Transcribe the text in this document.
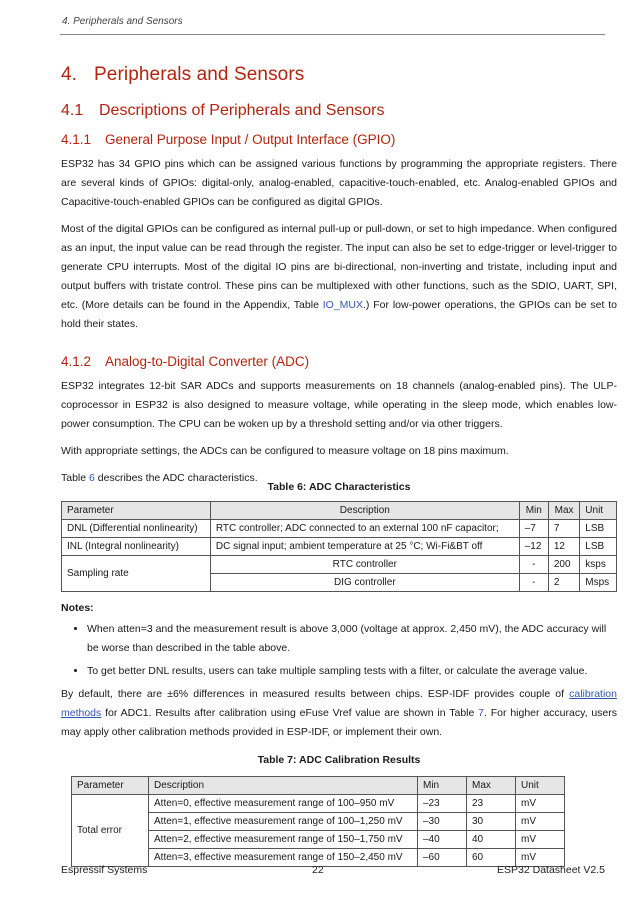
4. Peripherals and Sensors
4. Peripherals and Sensors
4.1 Descriptions of Peripherals and Sensors
4.1.1 General Purpose Input / Output Interface (GPIO)

ESP32 has 34 GPIO pins which can be assigned various functions by programming the appropriate registers. There are several kinds of GPIOs: digital-only, analog-enabled, capacitive-touch-enabled, etc. Analog-enabled GPIOs and Capacitive-touch-enabled GPIOs can be configured as digital GPIOs.

Most of the digital GPIOs can be configured as internal pull-up or pull-down, or set to high impedance. When configured as an input, the input value can be read through the register. The input can also be set to edge-trigger or level-trigger to generate CPU interrupts. Most of the digital IO pins are bi-directional, non-inverting and tristate, including input and output buffers with tristate control. These pins can be multiplexed with other functions, such as the SDIO, UART, SPI, etc. (More details can be found in the Appendix, Table IO_MUX.) For low-power operations, the GPIOs can be set to hold their states.

4.1.2 Analog-to-Digital Converter (ADC)

ESP32 integrates 12-bit SAR ADCs and supports measurements on 18 channels (analog-enabled pins). The ULP-coprocessor in ESP32 is also designed to measure voltage, while operating in the sleep mode, which enables low-power consumption. The CPU can be woken up by a threshold setting and/or via other triggers.

With appropriate settings, the ADCs can be configured to measure voltage on 18 pins maximum.

Table 6 describes the ADC characteristics.

Table 6: ADC Characteristics
Parameter	Description	Min	Max	Unit
DNL (Differential nonlinearity)	RTC controller; ADC connected to an external 100 nF capacitor;	–7	7	LSB
INL (Integral nonlinearity)	DC signal input; ambient temperature at 25 °C; Wi-Fi&BT off	–12	12	LSB
Sampling rate	RTC controller	-	200	ksps
	DIG controller	-	2	Msps
Notes:
• When atten=3 and the measurement result is above 3,000 (voltage at approx. 2,450 mV), the ADC accuracy will be worse than described in the table above.
• To get better DNL results, users can take multiple sampling tests with a filter, or calculate the average value.

By default, there are ±6% differences in measured results between chips. ESP-IDF provides couple of calibration methods for ADC1. Results after calibration using eFuse Vref value are shown in Table 7. For higher accuracy, users may apply other calibration methods provided in ESP-IDF, or implement their own.

Table 7: ADC Calibration Results
Parameter	Description	Min	Max	Unit
Total error	Atten=0, effective measurement range of 100–950 mV	–23	23	mV
	Atten=1, effective measurement range of 100–1,250 mV	–30	30	mV
	Atten=2, effective measurement range of 150–1,750 mV	–40	40	mV
	Atten=3, effective measurement range of 150–2,450 mV	–60	60	mV
Espressif Systems	22	ESP32 Datasheet V2.5
